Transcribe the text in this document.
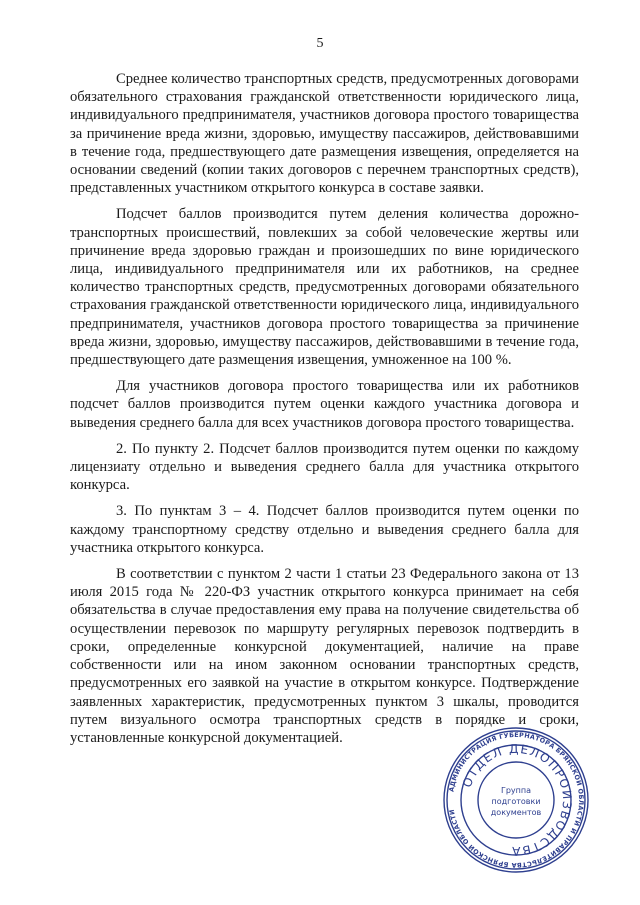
5

Среднее количество транспортных средств, предусмотренных договорами обязательного страхования гражданской ответственности юридического лица, индивидуального предпринимателя, участников договора простого товарищества за причинение вреда жизни, здоровью, имуществу пассажиров, действовавшими в течение года, предшествующего дате размещения извещения, определяется на основании сведений (копии таких договоров с перечнем транспортных средств), представленных участником открытого конкурса в составе заявки.

Подсчет баллов производится путем деления количества дорожно-транспортных происшествий, повлекших за собой человеческие жертвы или причинение вреда здоровью граждан и произошедших по вине юридического лица, индивидуального предпринимателя или их работников, на среднее количество транспортных средств, предусмотренных договорами обязательного страхования гражданской ответственности юридического лица, индивидуального предпринимателя, участников договора простого товарищества за причинение вреда жизни, здоровью, имуществу пассажиров, действовавшими в течение года, предшествующего дате размещения извещения, умноженное на 100 %.

Для участников договора простого товарищества или их работников подсчет баллов производится путем оценки каждого участника договора и выведения среднего балла для всех участников договора простого товарищества.

2. По пункту 2. Подсчет баллов производится путем оценки по каждому лицензиату отдельно и выведения среднего балла для участника открытого конкурса.

3. По пунктам 3 – 4. Подсчет баллов производится путем оценки по каждому транспортному средству отдельно и выведения среднего балла для участника открытого конкурса.

В соответствии с пунктом 2 части 1 статьи 23 Федерального закона от 13 июля 2015 года № 220-ФЗ участник открытого конкурса принимает на себя обязательства в случае предоставления ему права на получение свидетельства об осуществлении перевозок по маршруту регулярных перевозок подтвердить в сроки, определенные конкурсной документацией, наличие на праве собственности или на ином законном основании транспортных средств, предусмотренных его заявкой на участие в открытом конкурсе. Подтверждение заявленных характеристик, предусмотренных пунктом 3 шкалы, проводится путем визуального осмотра транспортных средств в порядке и сроки, установленные конкурсной документацией.

АДМИНИСТРАЦИЯ ГУБЕРНАТОРА БРЯНСКОЙ ОБЛАСТИ И ПРАВИТЕЛЬСТВА БРЯНСКОЙ ОБЛАСТИ
ОТДЕЛ ДЕЛОПРОИЗВОДСТВА
Группа
подготовки
документов
